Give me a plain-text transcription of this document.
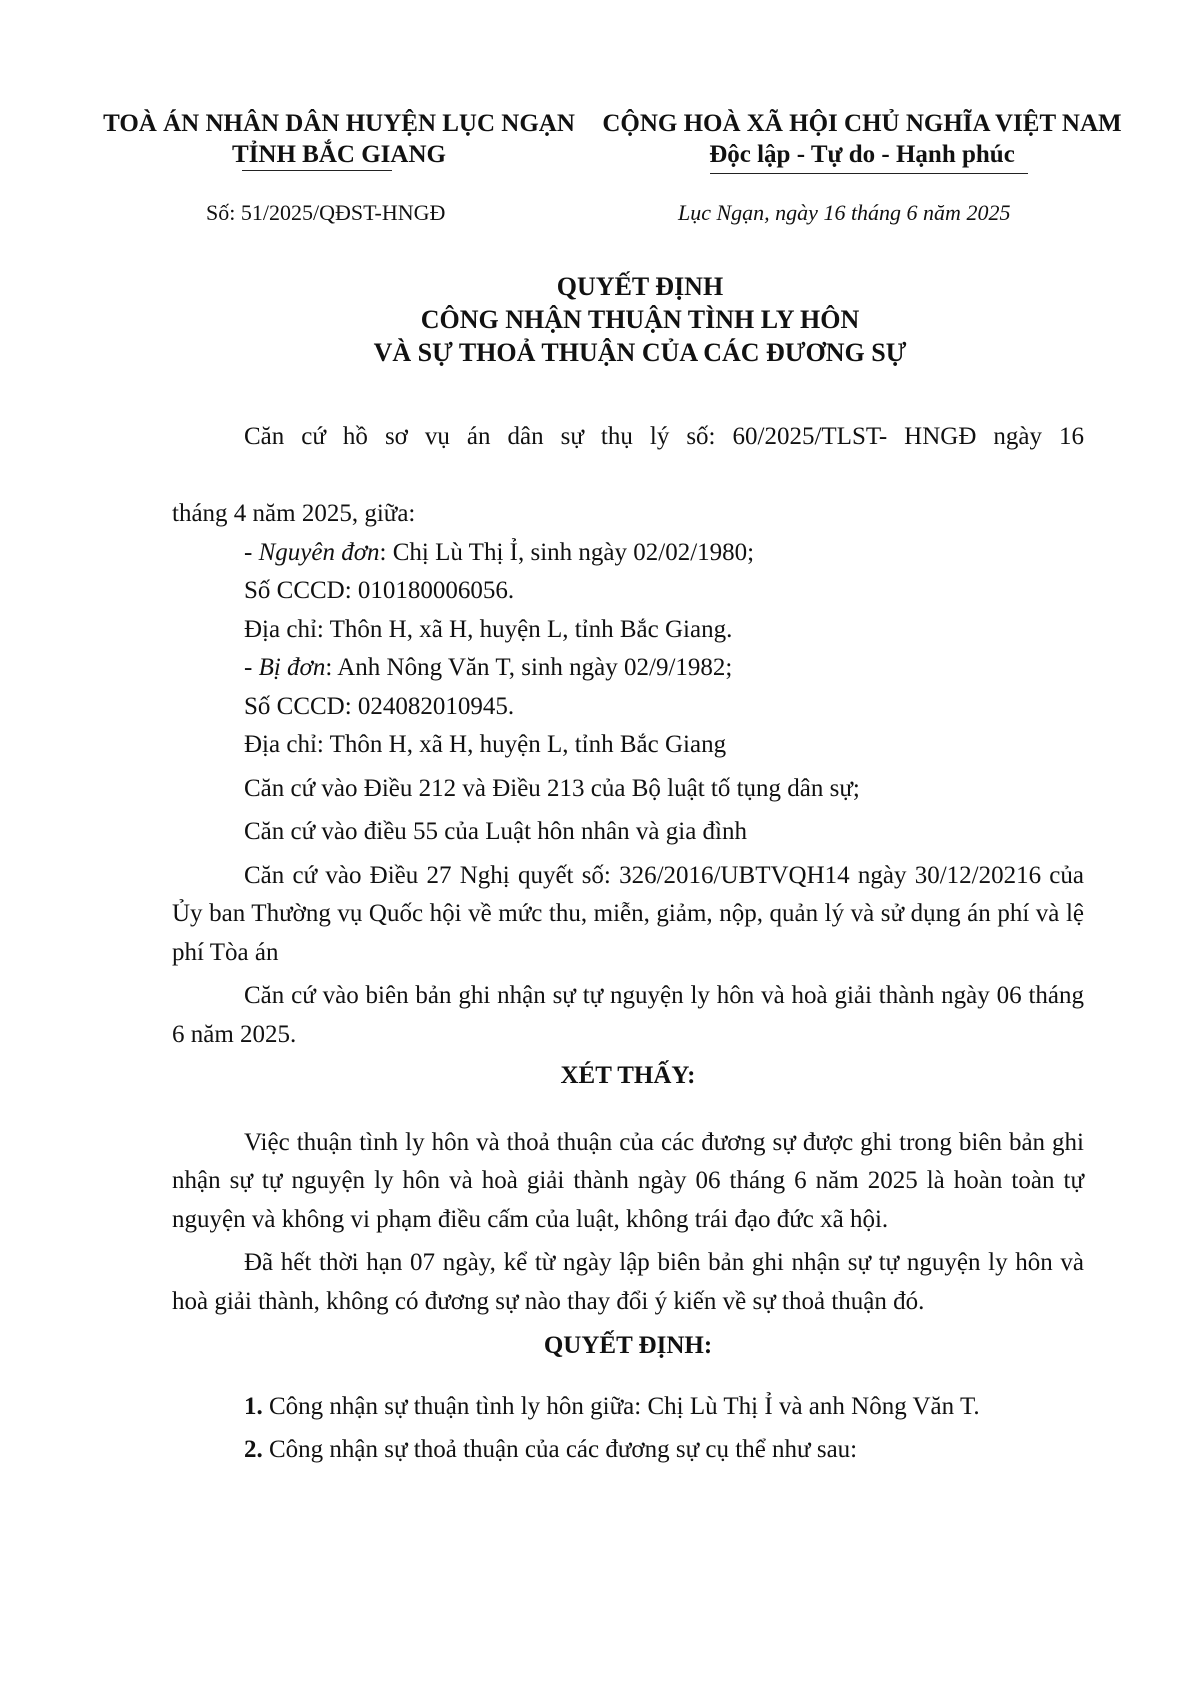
TOÀ ÁN NHÂN DÂN HUYỆN LỤC NGẠN
TỈNH BẮC GIANG
CỘNG HOÀ XÃ HỘI CHỦ NGHĨA VIỆT NAM
Độc lập - Tự do - Hạnh phúc
Số: 51/2025/QĐST-HNGĐ	Lục Ngạn, ngày 16 tháng 6 năm 2025
QUYẾT ĐỊNH
CÔNG NHẬN THUẬN TÌNH LY HÔN
VÀ SỰ THOẢ THUẬN CỦA CÁC ĐƯƠNG SỰ

Căn cứ hồ sơ vụ án dân sự thụ lý số: 60/2025/TLST- HNGĐ ngày 16

tháng 4 năm 2025, giữa:

- Nguyên đơn: Chị Lù Thị Ỉ, sinh ngày 02/02/1980;

Số CCCD: 010180006056.

Địa chỉ: Thôn H, xã H, huyện L, tỉnh Bắc Giang.

- Bị đơn: Anh Nông Văn T, sinh ngày 02/9/1982;

Số CCCD: 024082010945.

Địa chỉ: Thôn H, xã H, huyện L, tỉnh Bắc Giang

Căn cứ vào Điều 212 và Điều 213 của Bộ luật tố tụng dân sự;

Căn cứ vào điều 55 của Luật hôn nhân và gia đình

Căn cứ vào Điều 27 Nghị quyết số: 326/2016/UBTVQH14 ngày 30/12/20216 của Ủy ban Thường vụ Quốc hội về mức thu, miễn, giảm, nộp, quản lý và sử dụng án phí và lệ phí Tòa án

Căn cứ vào biên bản ghi nhận sự tự nguyện ly hôn và hoà giải thành ngày 06 tháng 6 năm 2025.

XÉT THẤY:

Việc thuận tình ly hôn và thoả thuận của các đương sự được ghi trong biên bản ghi nhận sự tự nguyện ly hôn và hoà giải thành ngày 06 tháng 6 năm 2025 là hoàn toàn tự nguyện và không vi phạm điều cấm của luật, không trái đạo đức xã hội.

Đã hết thời hạn 07 ngày, kể từ ngày lập biên bản ghi nhận sự tự nguyện ly hôn và hoà giải thành, không có đương sự nào thay đổi ý kiến về sự thoả thuận đó.

QUYẾT ĐỊNH:

1. Công nhận sự thuận tình ly hôn giữa: Chị Lù Thị Ỉ và anh Nông Văn T.

2. Công nhận sự thoả thuận của các đương sự cụ thể như sau:
